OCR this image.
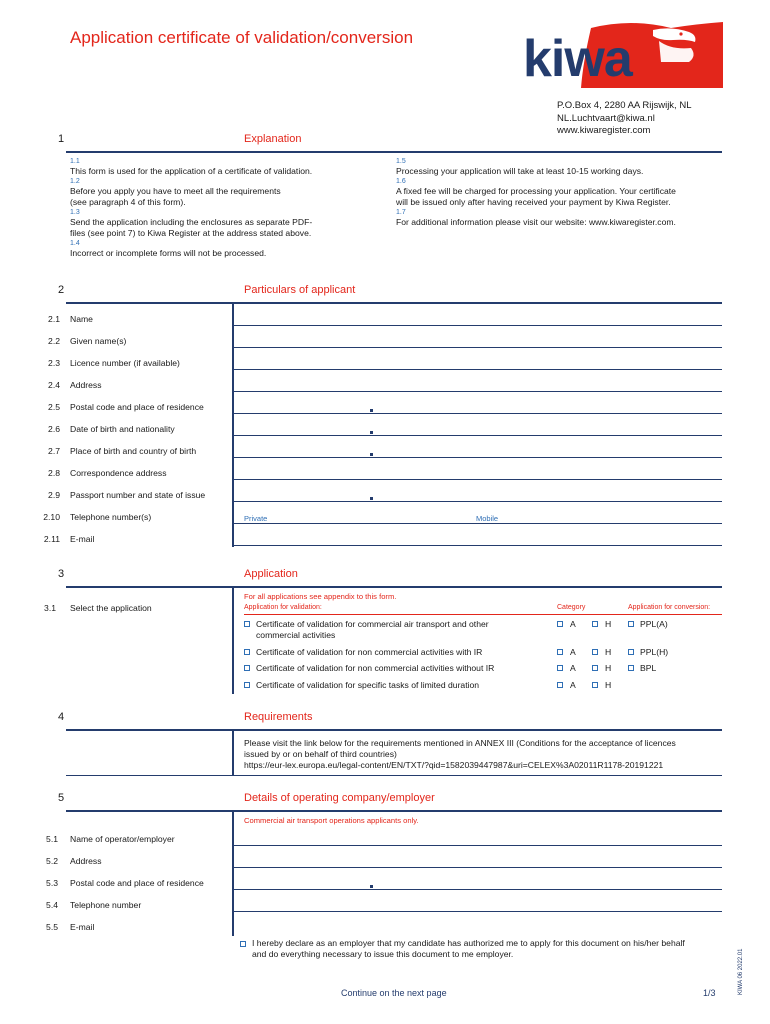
Application certificate of validation/conversion kiwa
P.O.Box 4, 2280 AA Rijswijk, NL
NL.Luchtvaart@kiwa.nl
www.kiwaregister.com
1	Explanation
1.1
This form is used for the application of a certificate of validation.
1.2
Before you apply you have to meet all the requirements
(see paragraph 4 of this form).
1.3
Send the application including the enclosures as separate PDF-
files (see point 7) to Kiwa Register at the address stated above.
1.4
Incorrect or incomplete forms will not be processed.
1.5
Processing your application will take at least 10-15 working days.
1.6
A fixed fee will be charged for processing your application. Your certificate
will be issued only after having received your payment by Kiwa Register.
1.7
For additional information please visit our website: www.kiwaregister.com.
2	Particulars of applicant
Private	Mobile
3	Application
For all applications see appendix to this form.
3.1 Select the application	Application for validation:	Category	Application for conversion:
4	Requirements
Please visit the link below for the requirements mentioned in ANNEX III (Conditions for the acceptance of licences
issued by or on behalf of third countries)
https://eur-lex.europa.eu/legal-content/EN/TXT/?qid=1582039447987&uri=CELEX%3A02011R1178-20191221
5	Details of operating company/employer
Commercial air transport operations applicants only.
I hereby declare as an employer that my candidate has authorized me to apply for this document on his/her behalf
and do everything necessary to issue this document to me employer.
Continue on the next page	1/3	KIWA 06 2022.01
2.1 Name
2.2 Given name(s)
2.3 Licence number (if available)
2.4 Address
2.5 Postal code and place of residence
2.6 Date of birth and nationality
2.7 Place of birth and country of birth
2.8 Correspondence address
2.9 Passport number and state of issue
2.10 Telephone number(s)
2.11 E-mail
Certificate of validation for commercial air transport and other
commercial activities
A	H	PPL(A)
Certificate of validation for non commercial activities with IR	A	H	PPL(H)
Certificate of validation for non commercial activities without IR	A	H	BPL
Certificate of validation for specific tasks of limited duration	A	H
5.1 Name of operator/employer
5.2 Address
5.3 Postal code and place of residence
5.4 Telephone number
5.5 E-mail
